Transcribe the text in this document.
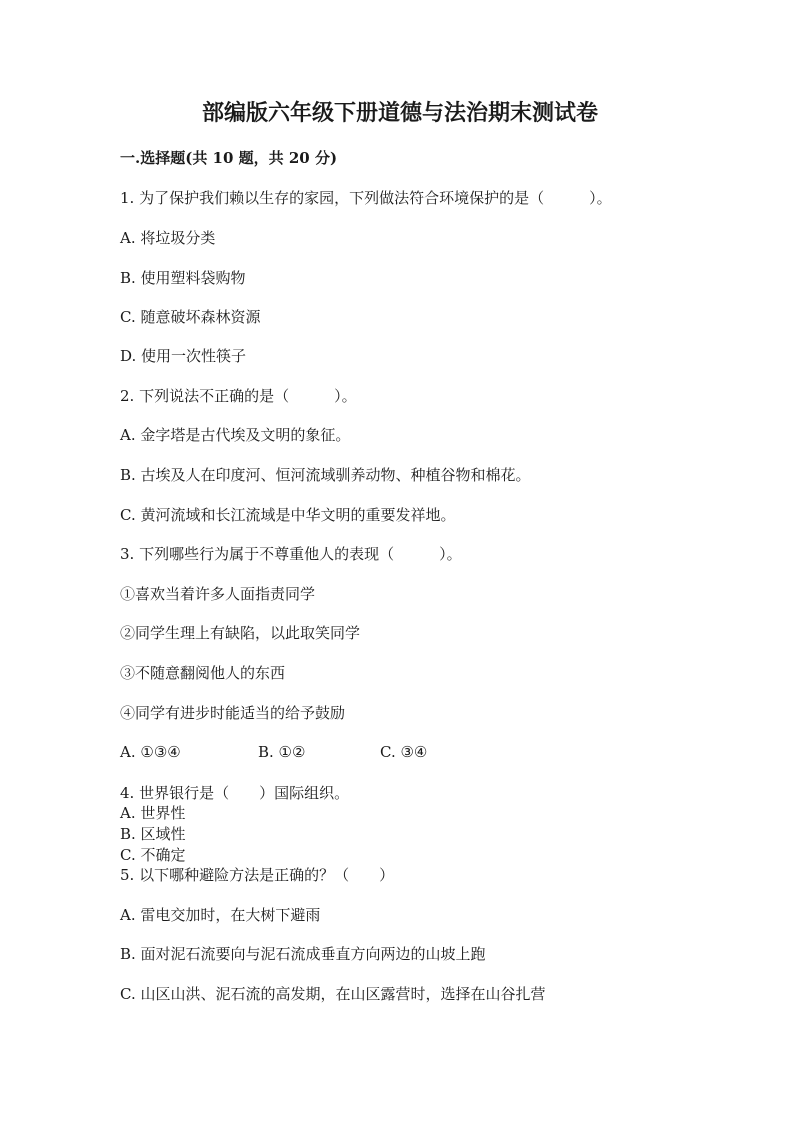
部编版六年级下册道德与法治期末测试卷
一.选择题(共 10 题，共 20 分)
1. 为了保护我们赖以生存的家园，下列做法符合环境保护的是（　　　）。
A. 将垃圾分类
B. 使用塑料袋购物
C. 随意破坏森林资源
D. 使用一次性筷子
2. 下列说法不正确的是（　　　）。
A. 金字塔是古代埃及文明的象征。
B. 古埃及人在印度河、恒河流域驯养动物、种植谷物和棉花。
C. 黄河流域和长江流域是中华文明的重要发祥地。
3. 下列哪些行为属于不尊重他人的表现（　　　）。
①喜欢当着许多人面指责同学
②同学生理上有缺陷，以此取笑同学
③不随意翻阅他人的东西
④同学有进步时能适当的给予鼓励
A. ①③④	B. ①②	C. ③④
4. 世界银行是（　　）国际组织。
A. 世界性
B. 区域性
C. 不确定
5. 以下哪种避险方法是正确的？（　　）
A. 雷电交加时，在大树下避雨
B. 面对泥石流要向与泥石流成垂直方向两边的山坡上跑
C. 山区山洪、泥石流的高发期，在山区露营时，选择在山谷扎营
